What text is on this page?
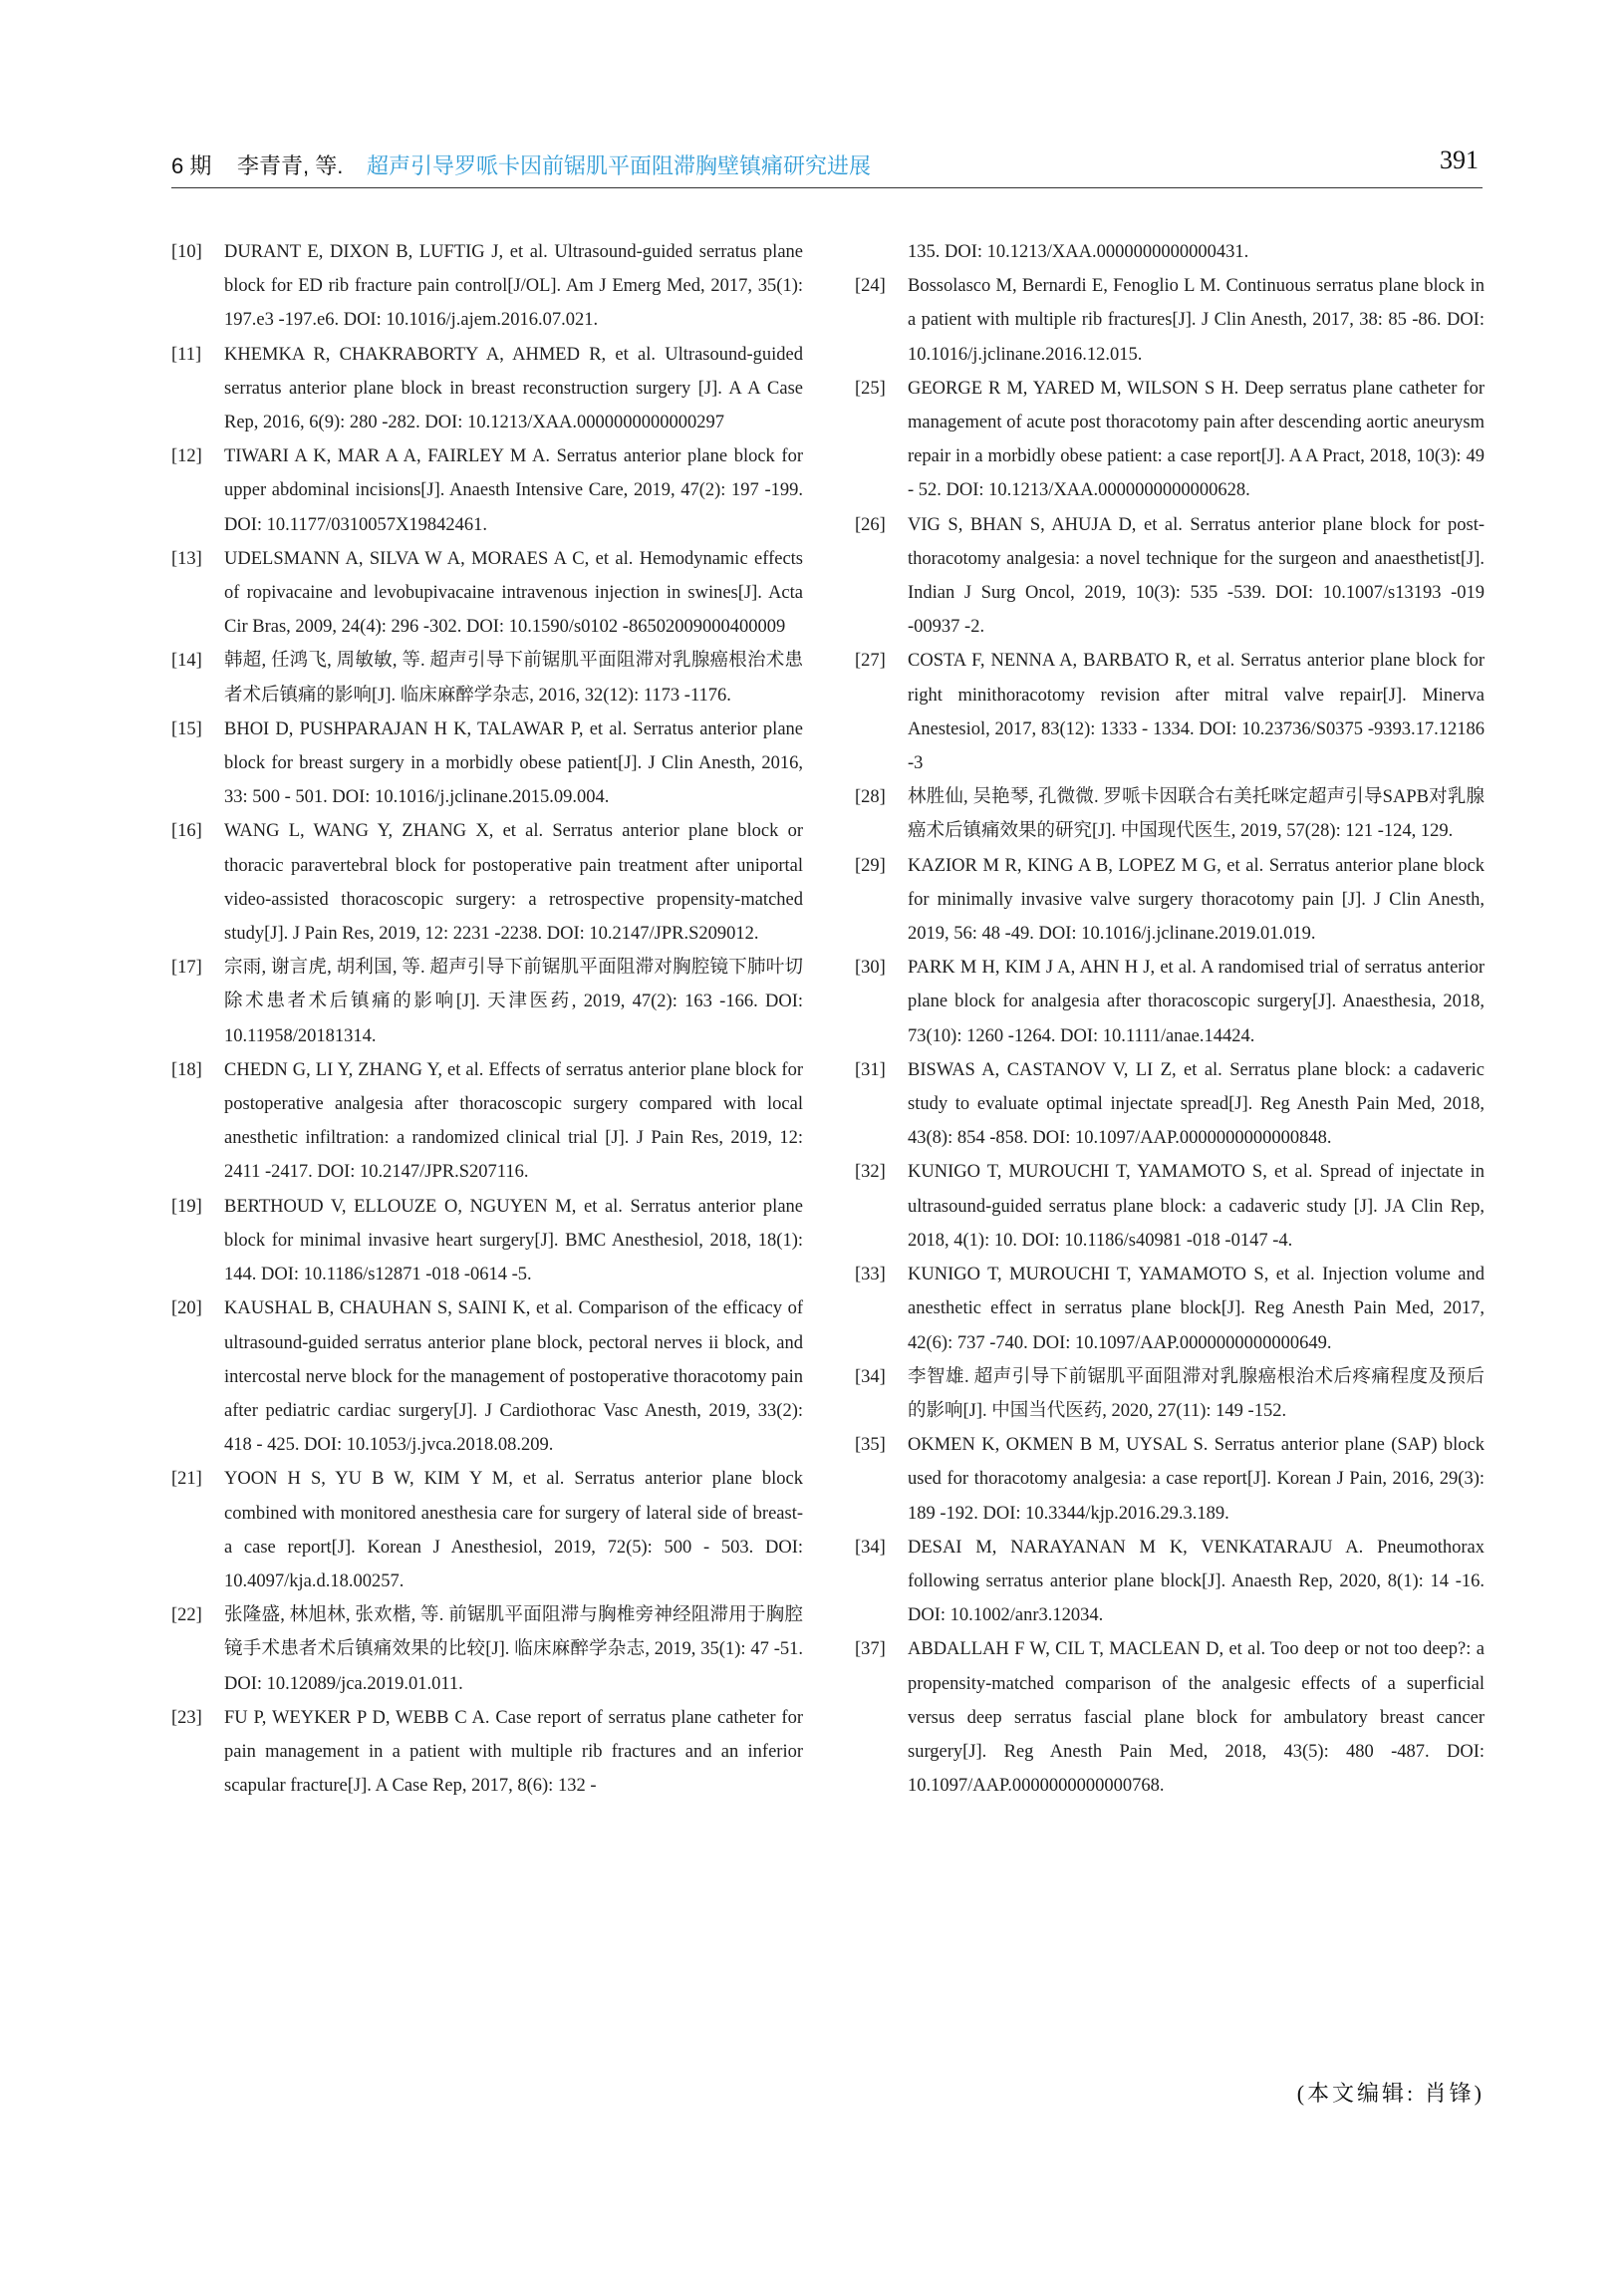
6 期 李青青, 等. 超声引导罗哌卡因前锯肌平面阻滞胸壁镇痛研究进展	391
[10] DURANT E, DIXON B, LUFTIG J, et al. Ultrasound-guided serratus plane block for ED rib fracture pain control[J/OL]. Am J Emerg Med, 2017, 35(1): 197.e3 -197.e6. DOI: 10.1016/j.ajem.2016.07.021.
[11] KHEMKA R, CHAKRABORTY A, AHMED R, et al. Ultrasound-guided serratus anterior plane block in breast reconstruction surgery [J]. A A Case Rep, 2016, 6(9): 280 -282. DOI: 10.1213/XAA.0000000000000297
[12] TIWARI A K, MAR A A, FAIRLEY M A. Serratus anterior plane block for upper abdominal incisions[J]. Anaesth Intensive Care, 2019, 47(2): 197 -199. DOI: 10.1177/0310057X19842461.
[13] UDELSMANN A, SILVA W A, MORAES A C, et al. Hemodynamic effects of ropivacaine and levobupivacaine intravenous injection in swines[J]. Acta Cir Bras, 2009, 24(4): 296 -302. DOI: 10.1590/s0102 -86502009000400009
[14] 韩超, 任鸿飞, 周敏敏, 等. 超声引导下前锯肌平面阻滞对乳腺癌根治术患者术后镇痛的影响[J]. 临床麻醉学杂志, 2016, 32(12): 1173 -1176.
[15] BHOI D, PUSHPARAJAN H K, TALAWAR P, et al. Serratus anterior plane block for breast surgery in a morbidly obese patient[J]. J Clin Anesth, 2016, 33: 500 - 501. DOI: 10.1016/j.jclinane.2015.09.004.
[16] WANG L, WANG Y, ZHANG X, et al. Serratus anterior plane block or thoracic paravertebral block for postoperative pain treatment after uniportal video-assisted thoracoscopic surgery: a retrospective propensity-matched study[J]. J Pain Res, 2019, 12: 2231 -2238. DOI: 10.2147/JPR.S209012.
[17] 宗雨, 谢言虎, 胡利国, 等. 超声引导下前锯肌平面阻滞对胸腔镜下肺叶切除术患者术后镇痛的影响[J]. 天津医药, 2019, 47(2): 163 -166. DOI: 10.11958/20181314.
[18] CHEDN G, LI Y, ZHANG Y, et al. Effects of serratus anterior plane block for postoperative analgesia after thoracoscopic surgery compared with local anesthetic infiltration: a randomized clinical trial [J]. J Pain Res, 2019, 12: 2411 -2417. DOI: 10.2147/JPR.S207116.
[19] BERTHOUD V, ELLOUZE O, NGUYEN M, et al. Serratus anterior plane block for minimal invasive heart surgery[J]. BMC Anesthesiol, 2018, 18(1): 144. DOI: 10.1186/s12871 -018 -0614 -5.
[20] KAUSHAL B, CHAUHAN S, SAINI K, et al. Comparison of the efficacy of ultrasound-guided serratus anterior plane block, pectoral nerves ii block, and intercostal nerve block for the management of postoperative thoracotomy pain after pediatric cardiac surgery[J]. J Cardiothorac Vasc Anesth, 2019, 33(2): 418 - 425. DOI: 10.1053/j.jvca.2018.08.209.
[21] YOON H S, YU B W, KIM Y M, et al. Serratus anterior plane block combined with monitored anesthesia care for surgery of lateral side of breast-a case report[J]. Korean J Anesthesiol, 2019, 72(5): 500 - 503. DOI: 10.4097/kja.d.18.00257.
[22] 张隆盛, 林旭林, 张欢楷, 等. 前锯肌平面阻滞与胸椎旁神经阻滞用于胸腔镜手术患者术后镇痛效果的比较[J]. 临床麻醉学杂志, 2019, 35(1): 47 -51. DOI: 10.12089/jca.2019.01.011.
[23] FU P, WEYKER P D, WEBB C A. Case report of serratus plane catheter for pain management in a patient with multiple rib fractures and an inferior scapular fracture[J]. A Case Rep, 2017, 8(6): 132 -
135. DOI: 10.1213/XAA.0000000000000431.
[24] Bossolasco M, Bernardi E, Fenoglio L M. Continuous serratus plane block in a patient with multiple rib fractures[J]. J Clin Anesth, 2017, 38: 85 -86. DOI: 10.1016/j.jclinane.2016.12.015.
[25] GEORGE R M, YARED M, WILSON S H. Deep serratus plane catheter for management of acute post thoracotomy pain after descending aortic aneurysm repair in a morbidly obese patient: a case report[J]. A A Pract, 2018, 10(3): 49 - 52. DOI: 10.1213/XAA.0000000000000628.
[26] VIG S, BHAN S, AHUJA D, et al. Serratus anterior plane block for post-thoracotomy analgesia: a novel technique for the surgeon and anaesthetist[J]. Indian J Surg Oncol, 2019, 10(3): 535 -539. DOI: 10.1007/s13193 -019 -00937 -2.
[27] COSTA F, NENNA A, BARBATO R, et al. Serratus anterior plane block for right minithoracotomy revision after mitral valve repair[J]. Minerva Anestesiol, 2017, 83(12): 1333 - 1334. DOI: 10.23736/S0375 -9393.17.12186 -3
[28] 林胜仙, 吴艳琴, 孔微微. 罗哌卡因联合右美托咪定超声引导SAPB对乳腺癌术后镇痛效果的研究[J]. 中国现代医生, 2019, 57(28): 121 -124, 129.
[29] KAZIOR M R, KING A B, LOPEZ M G, et al. Serratus anterior plane block for minimally invasive valve surgery thoracotomy pain [J]. J Clin Anesth, 2019, 56: 48 -49. DOI: 10.1016/j.jclinane.2019.01.019.
[30] PARK M H, KIM J A, AHN H J, et al. A randomised trial of serratus anterior plane block for analgesia after thoracoscopic surgery[J]. Anaesthesia, 2018, 73(10): 1260 -1264. DOI: 10.1111/anae.14424.
[31] BISWAS A, CASTANOV V, LI Z, et al. Serratus plane block: a cadaveric study to evaluate optimal injectate spread[J]. Reg Anesth Pain Med, 2018, 43(8): 854 -858. DOI: 10.1097/AAP.0000000000000848.
[32] KUNIGO T, MUROUCHI T, YAMAMOTO S, et al. Spread of injectate in ultrasound-guided serratus plane block: a cadaveric study [J]. JA Clin Rep, 2018, 4(1): 10. DOI: 10.1186/s40981 -018 -0147 -4.
[33] KUNIGO T, MUROUCHI T, YAMAMOTO S, et al. Injection volume and anesthetic effect in serratus plane block[J]. Reg Anesth Pain Med, 2017, 42(6): 737 -740. DOI: 10.1097/AAP.0000000000000649.
[34] 李智雄. 超声引导下前锯肌平面阻滞对乳腺癌根治术后疼痛程度及预后的影响[J]. 中国当代医药, 2020, 27(11): 149 -152.
[35] OKMEN K, OKMEN B M, UYSAL S. Serratus anterior plane (SAP) block used for thoracotomy analgesia: a case report[J]. Korean J Pain, 2016, 29(3): 189 -192. DOI: 10.3344/kjp.2016.29.3.189.
[34] DESAI M, NARAYANAN M K, VENKATARAJU A. Pneumothorax following serratus anterior plane block[J]. Anaesth Rep, 2020, 8(1): 14 -16. DOI: 10.1002/anr3.12034.
[37] ABDALLAH F W, CIL T, MACLEAN D, et al. Too deep or not too deep?: a propensity-matched comparison of the analgesic effects of a superficial versus deep serratus fascial plane block for ambulatory breast cancer surgery[J]. Reg Anesth Pain Med, 2018, 43(5): 480 -487. DOI: 10.1097/AAP.0000000000000768.
(本文编辑: 肖锋)
